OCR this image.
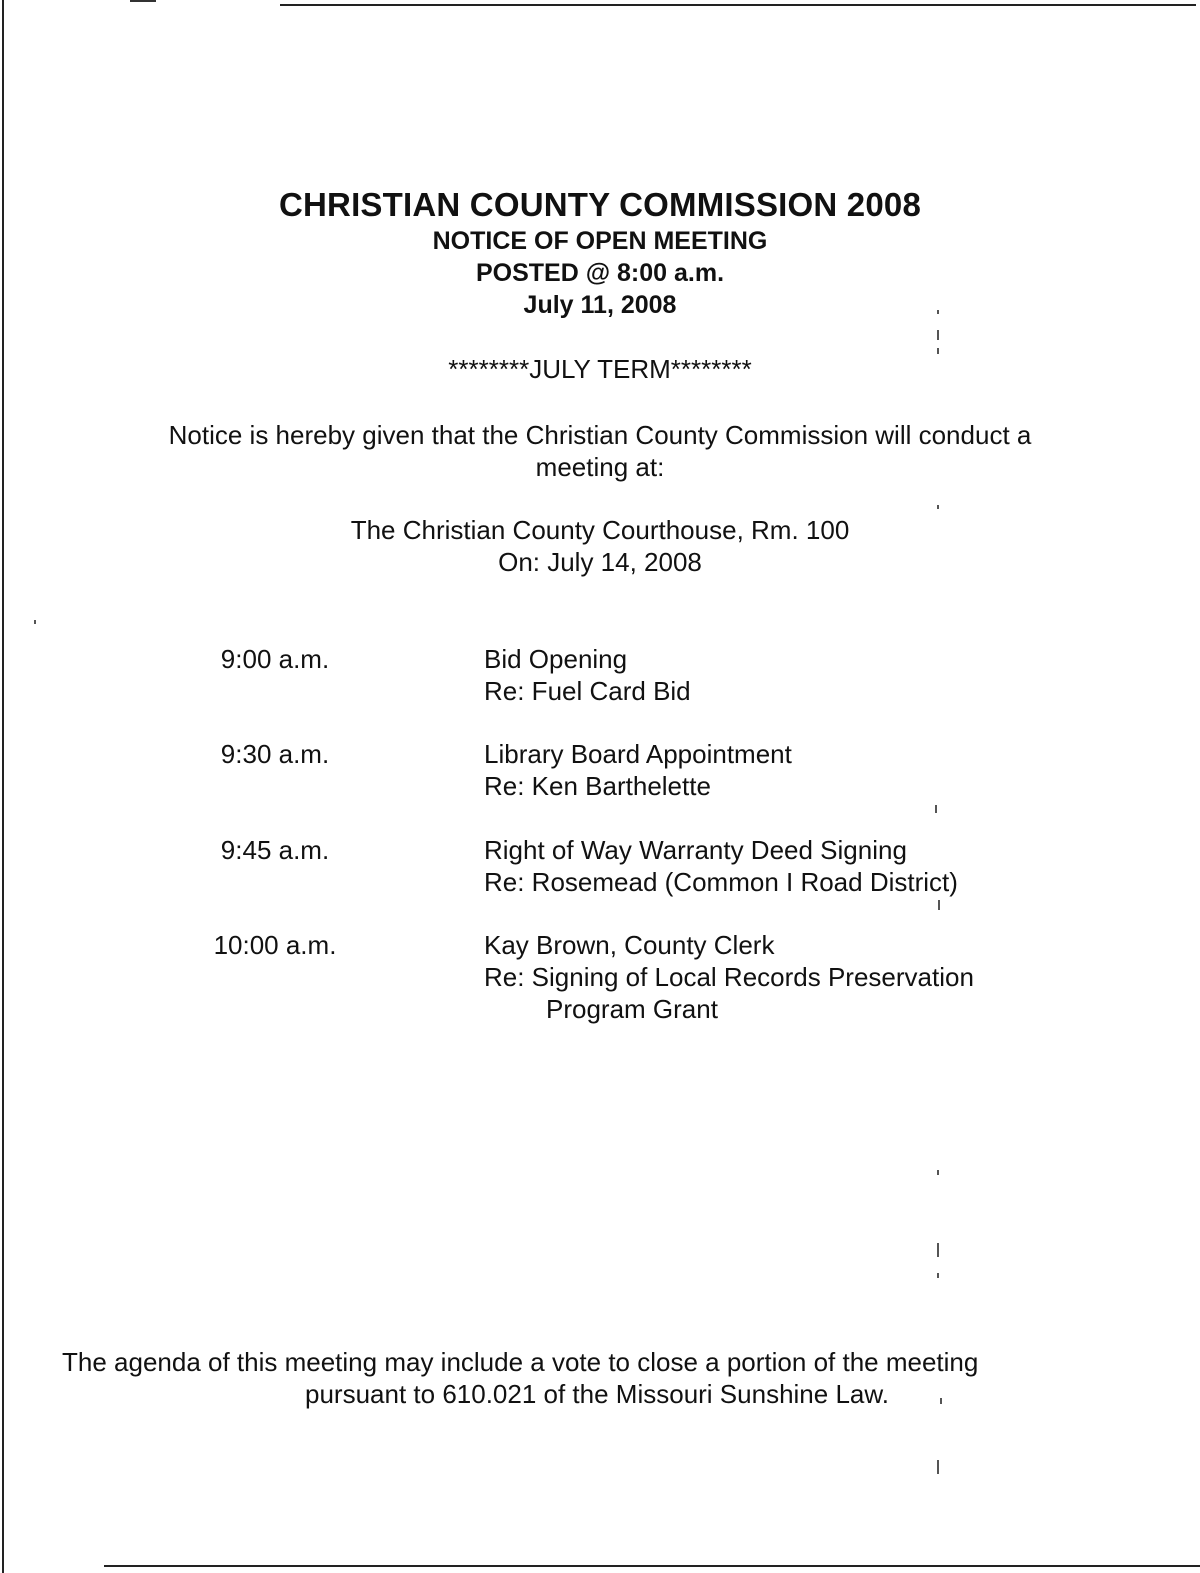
CHRISTIAN COUNTY COMMISSION 2008
NOTICE OF OPEN MEETING
POSTED @ 8:00 a.m.
July 11, 2008
********JULY TERM********
Notice is hereby given that the Christian County Commission will conduct a
meeting at:
The Christian County Courthouse, Rm. 100
On: July 14, 2008
9:00 a.m.	Bid Opening
Re: Fuel Card Bid
9:30 a.m.	Library Board Appointment
Re: Ken Barthelette
9:45 a.m.	Right of Way Warranty Deed Signing
Re: Rosemead (Common I Road District)
10:00 a.m.	Kay Brown, County Clerk
Re: Signing of Local Records Preservation
Program Grant
The agenda of this meeting may include a vote to close a portion of the meeting
pursuant to 610.021 of the Missouri Sunshine Law.
